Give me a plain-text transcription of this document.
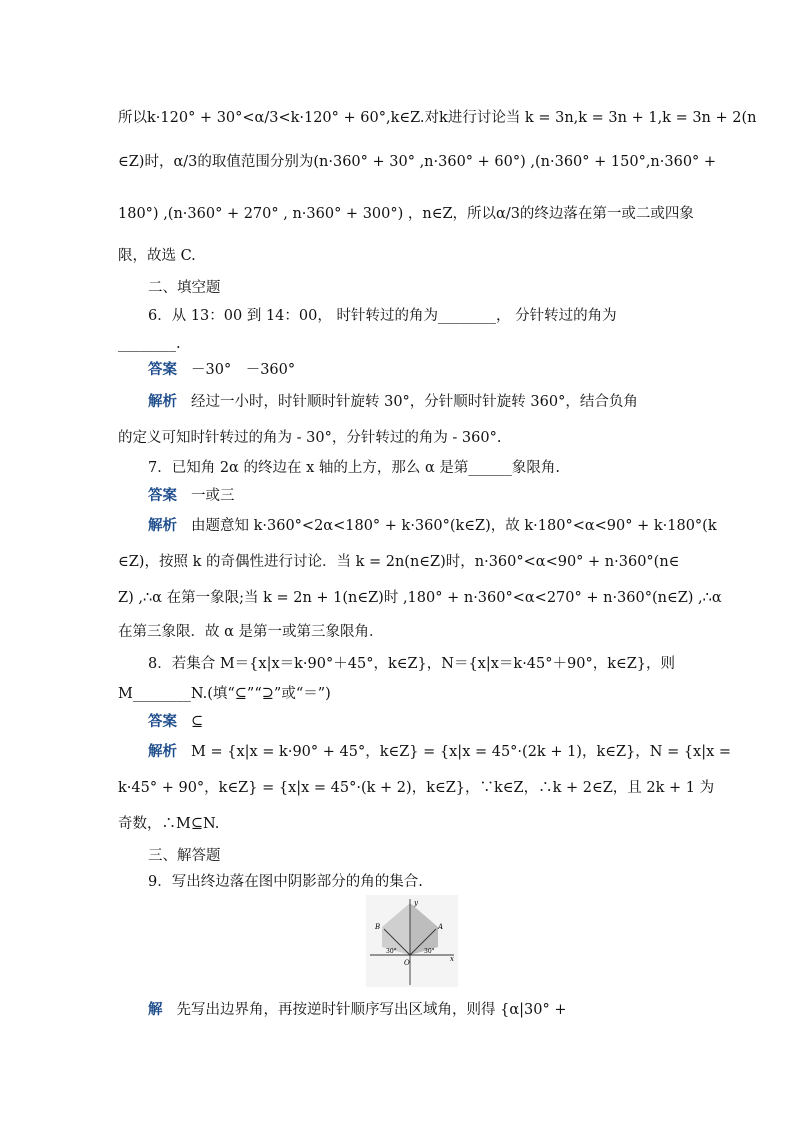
所以k·120° + 30°<α/3<k·120° + 60°,k∈Z.对k进行讨论当 k = 3n,k = 3n + 1,k = 3n + 2(n
∈Z)时，α/3的取值范围分别为(n·360° + 30° ,n·360° + 60°) ,(n·360° + 150°,n·360° +
180°) ,(n·360° + 270° , n·360° + 300°) ，n∈Z，所以α/3的终边落在第一或二或四象
限，故选 C.
二、填空题
6．从 13：00 到 14：00， 时针转过的角为________， 分针转过的角为
________.
答案 －30°　－360°
解析 经过一小时，时针顺时针旋转 30°，分针顺时针旋转 360°，结合负角
的定义可知时针转过的角为 - 30°，分针转过的角为 - 360°.
7．已知角 2α 的终边在 x 轴的上方，那么 α 是第______象限角.
答案 一或三
解析 由题意知 k·360°<2α<180° + k·360°(k∈Z)，故 k·180°<α<90° + k·180°(k
∈Z)，按照 k 的奇偶性进行讨论．当 k = 2n(n∈Z)时，n·360°<α<90° + n·360°(n∈
Z) ,∴α 在第一象限;当 k = 2n + 1(n∈Z)时 ,180° + n·360°<α<270° + n·360°(n∈Z) ,∴α
在第三象限．故 α 是第一或第三象限角．
8．若集合 M＝{x|x＝k·90°＋45°，k∈Z}，N＝{x|x＝k·45°＋90°，k∈Z}，则
M________N.(填“⊆”“⊇”或“＝”)
答案 ⊆
解析 M = {x|x = k·90° + 45°，k∈Z} = {x|x = 45°·(2k + 1)，k∈Z}，N = {x|x =
k·45° + 90°，k∈Z} = {x|x = 45°·(k + 2)，k∈Z}，∵k∈Z，∴k + 2∈Z，且 2k + 1 为
奇数，∴M⊆N.
三、解答题
9．写出终边落在图中阴影部分的角的集合.
y
x
O
A
B
30°
30°
解 先写出边界角，再按逆时针顺序写出区域角，则得 {α|30° +
